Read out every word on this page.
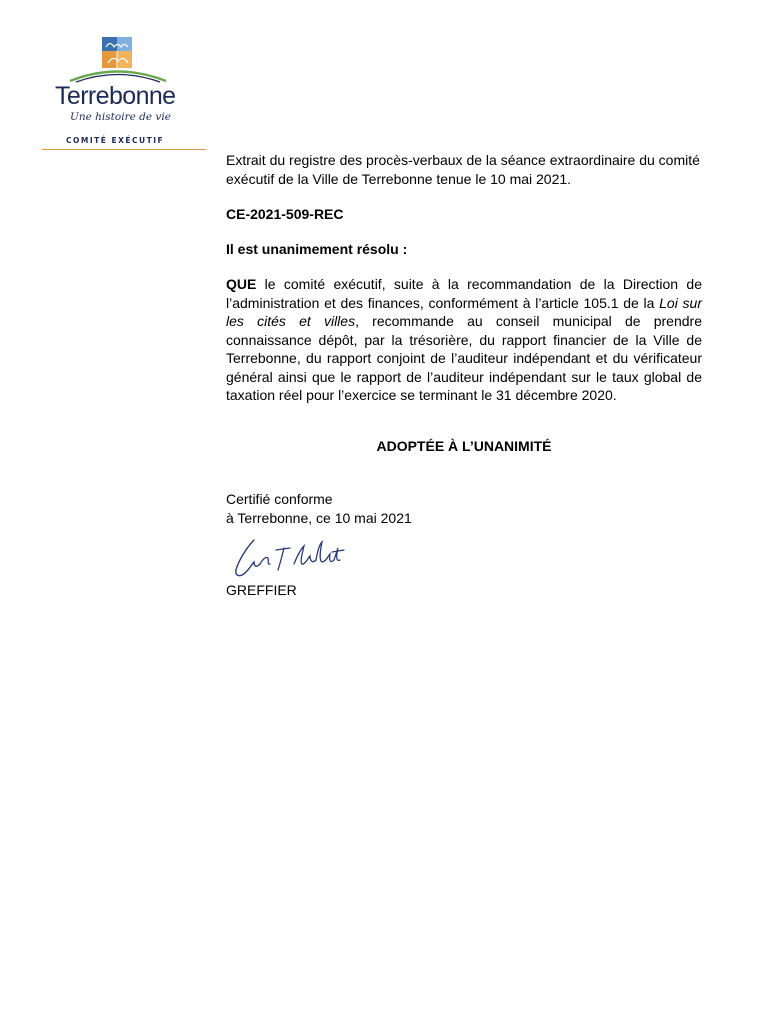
Terrebonne
Une histoire de vie
COMITÉ EXÉCUTIF
Extrait du registre des procès-verbaux de la séance extraordinaire du comité exécutif de la Ville de Terrebonne tenue le 10 mai 2021.
CE-2021-509-REC
Il est unanimement résolu :
QUE le comité exécutif, suite à la recommandation de la Direction de l’administration et des finances, conformément à l’article 105.1 de la Loi sur les cités et villes, recommande au conseil municipal de prendre connaissance dépôt, par la trésorière, du rapport financier de la Ville de Terrebonne, du rapport conjoint de l’auditeur indépendant et du vérificateur général ainsi que le rapport de l’auditeur indépendant sur le taux global de taxation réel pour l’exercice se terminant le 31 décembre 2020.
ADOPTÉE À L’UNANIMITÉ
Certifié conforme
à Terrebonne, ce 10 mai 2021
GREFFIER
